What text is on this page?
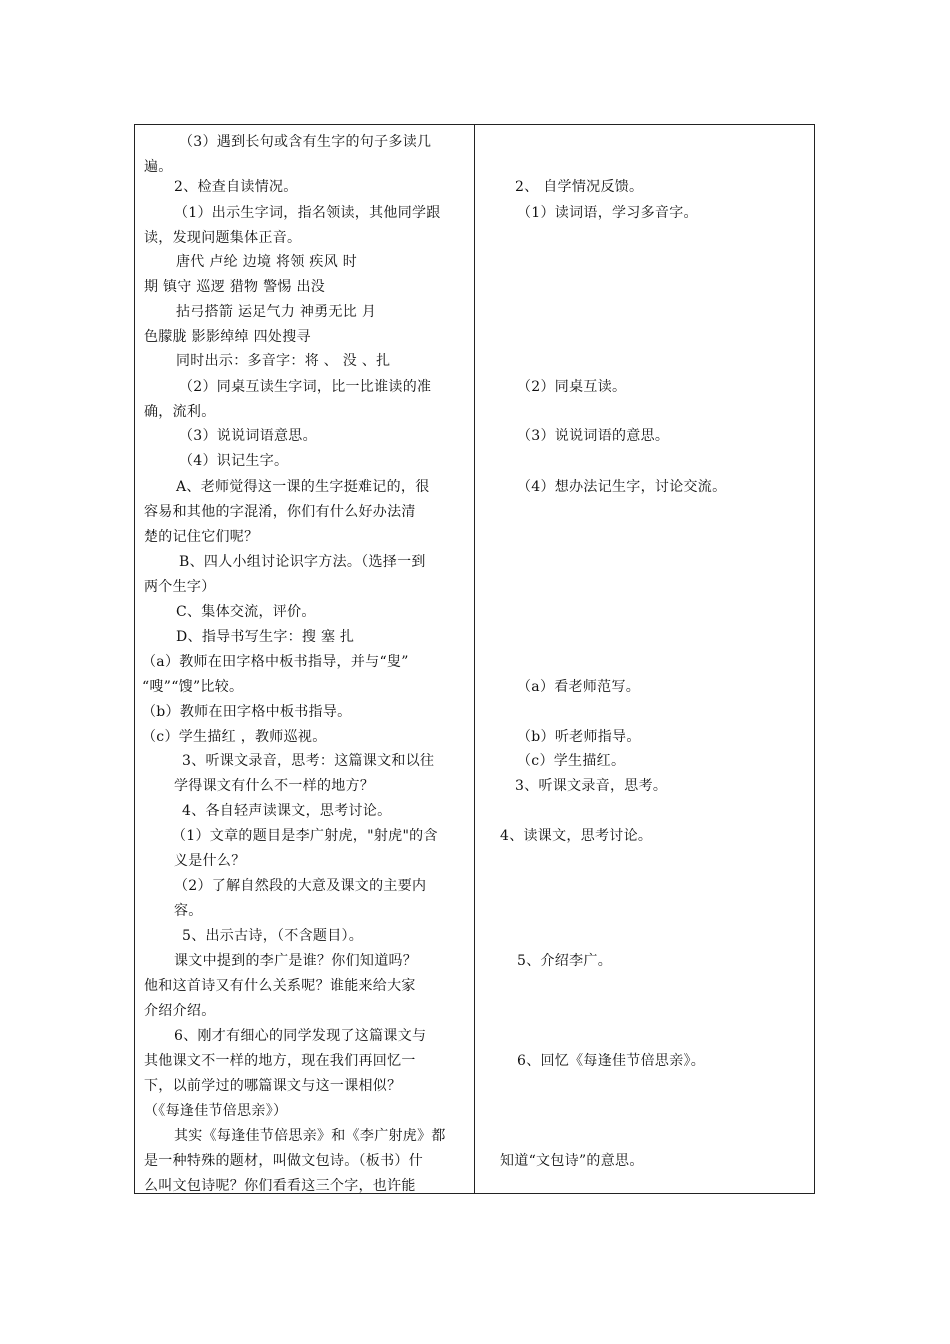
（3）遇到长句或含有生字的句子多读几
遍。
2、检查自读情况。
（1）出示生字词，指名领读，其他同学跟
读，发现问题集体正音。
唐代 卢纶 边境 将领 疾风 时
期 镇守 巡逻 猎物 警惕 出没
拈弓搭箭 运足气力 神勇无比 月
色朦胧 影影绰绰 四处搜寻
同时出示：多音字：将 、 没 、扎
（2）同桌互读生字词，比一比谁读的准
确，流利。
（3）说说词语意思。
（4）识记生字。
A、老师觉得这一课的生字挺难记的，很
容易和其他的字混淆，你们有什么好办法清
楚的记住它们呢？
B、四人小组讨论识字方法。（选择一到
两个生字）
C、集体交流，评价。
D、指导书写生字：搜 塞 扎
（a）教师在田字格中板书指导，并与“叟”
“嗖”“馊”比较。
（b）教师在田字格中板书指导。
（c）学生描红 ，教师巡视。
3、听课文录音，思考：这篇课文和以往
学得课文有什么不一样的地方？
4、各自轻声读课文，思考讨论。
（1）文章的题目是李广射虎，"射虎"的含
义是什么？
（2）了解自然段的大意及课文的主要内
容。
5、出示古诗，（不含题目）。
课文中提到的李广是谁？你们知道吗？
他和这首诗又有什么关系呢？谁能来给大家
介绍介绍。
6、刚才有细心的同学发现了这篇课文与
其他课文不一样的地方，现在我们再回忆一
下，以前学过的哪篇课文与这一课相似？
（《每逢佳节倍思亲》）
其实《每逢佳节倍思亲》和《李广射虎》都
是一种特殊的题材，叫做文包诗。（板书）什
么叫文包诗呢？你们看看这三个字，也许能
2、 自学情况反馈。
（1）读词语，学习多音字。
（2）同桌互读。
（3）说说词语的意思。
（4）想办法记生字，讨论交流。
（a）看老师范写。
（b）听老师指导。
（c）学生描红。
3、听课文录音，思考。
4、读课文，思考讨论。
5、介绍李广。
6、回忆《每逢佳节倍思亲》。
知道“文包诗”的意思。
